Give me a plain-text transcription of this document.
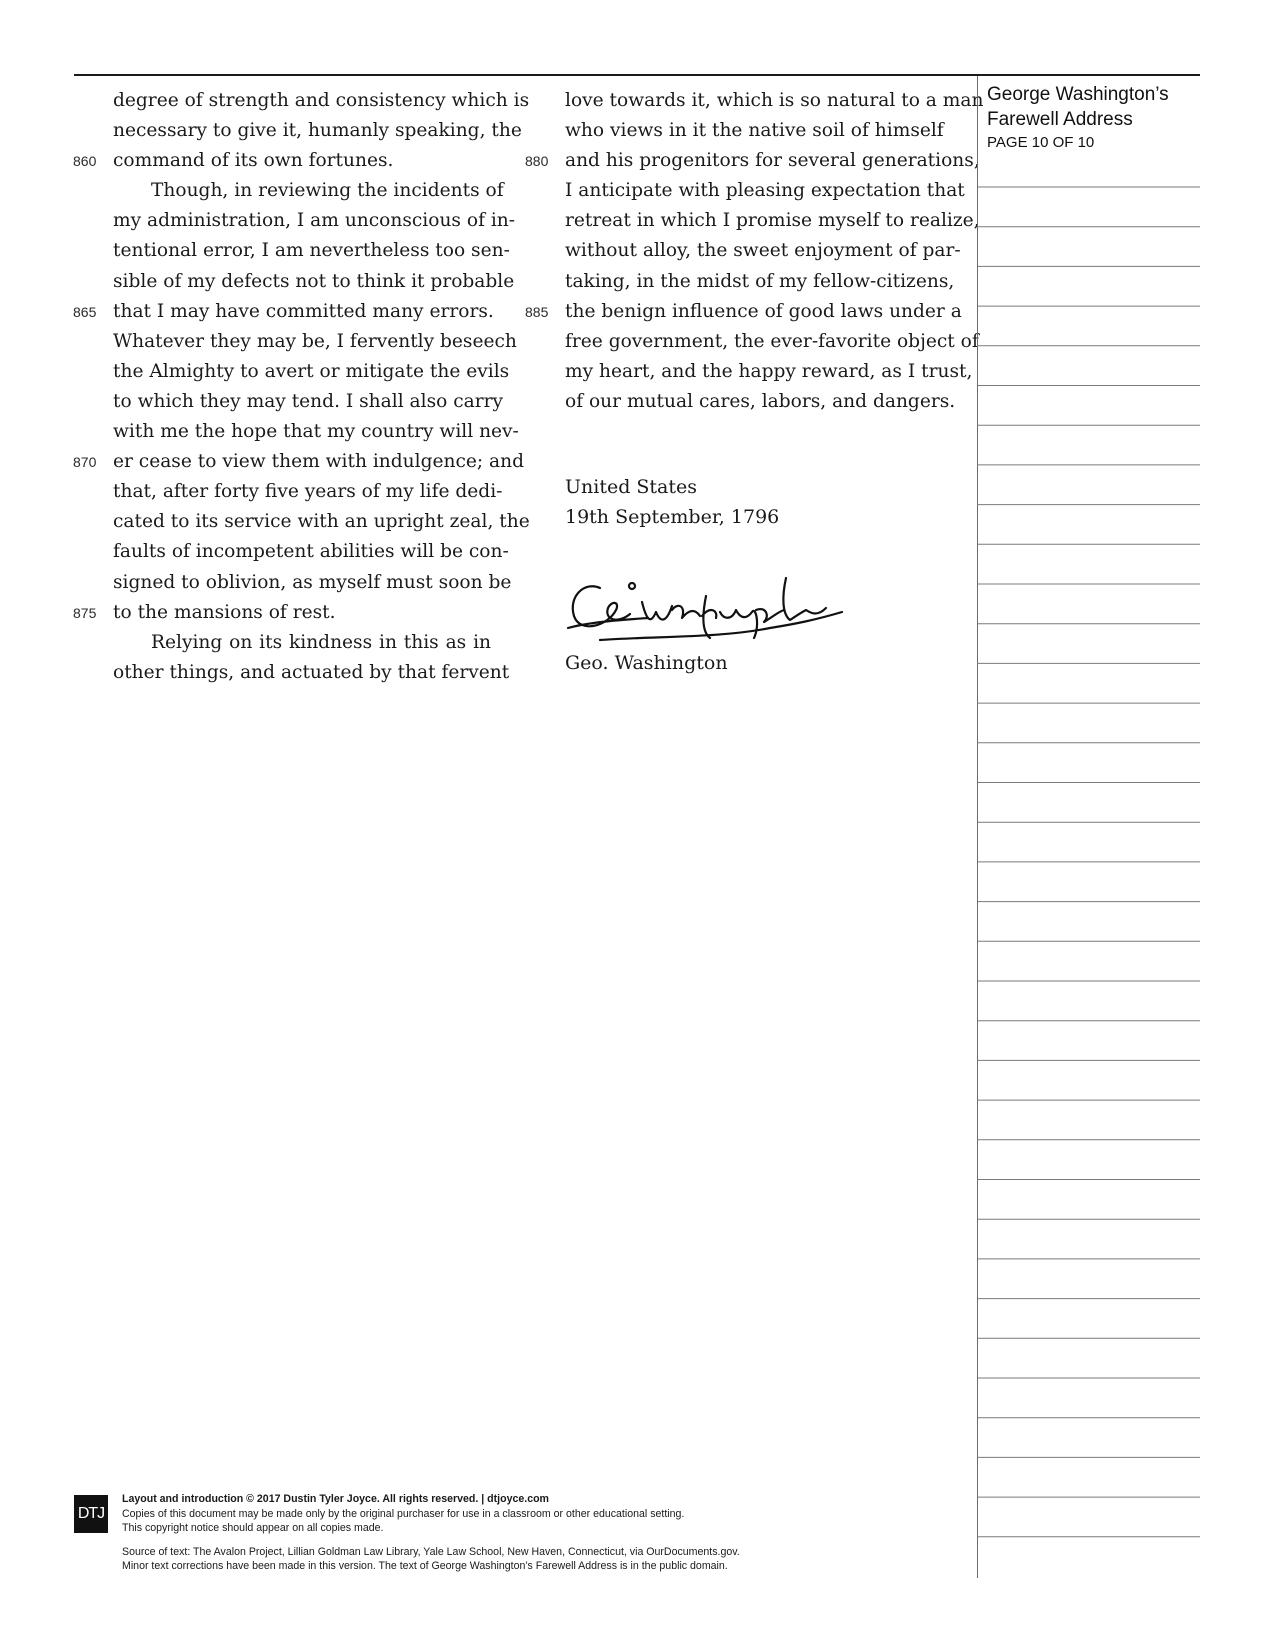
degree of strength and consistency which is
necessary to give it, humanly speaking, the
860 command of its own fortunes.
Though, in reviewing the incidents of
my administration, I am unconscious of in-
tentional error, I am nevertheless too sen-
sible of my defects not to think it probable
865 that I may have committed many errors.
Whatever they may be, I fervently beseech
the Almighty to avert or mitigate the evils
to which they may tend. I shall also carry
with me the hope that my country will nev-
870 er cease to view them with indulgence; and
that, after forty five years of my life dedi-
cated to its service with an upright zeal, the
faults of incompetent abilities will be con-
signed to oblivion, as myself must soon be
875 to the mansions of rest.
Relying on its kindness in this as in
other things, and actuated by that fervent
love towards it, which is so natural to a man
who views in it the native soil of himself
880 and his progenitors for several generations,
I anticipate with pleasing expectation that
retreat in which I promise myself to realize,
without alloy, the sweet enjoyment of par-
taking, in the midst of my fellow-citizens,
885 the benign influence of good laws under a
free government, the ever-favorite object of
my heart, and the happy reward, as I trust,
of our mutual cares, labors, and dangers.
United States
19th September, 1796
G. Washington
Geo. Washington
George Washington’s Farewell Address
PAGE 10 OF 10
DTJ
Layout and introduction © 2017 Dustin Tyler Joyce. All rights reserved. | dtjoyce.com
Copies of this document may be made only by the original purchaser for use in a classroom or other educational setting.
This copyright notice should appear on all copies made.
Source of text: The Avalon Project, Lillian Goldman Law Library, Yale Law School, New Haven, Connecticut, via OurDocuments.gov.
Minor text corrections have been made in this version. The text of George Washington’s Farewell Address is in the public domain.
